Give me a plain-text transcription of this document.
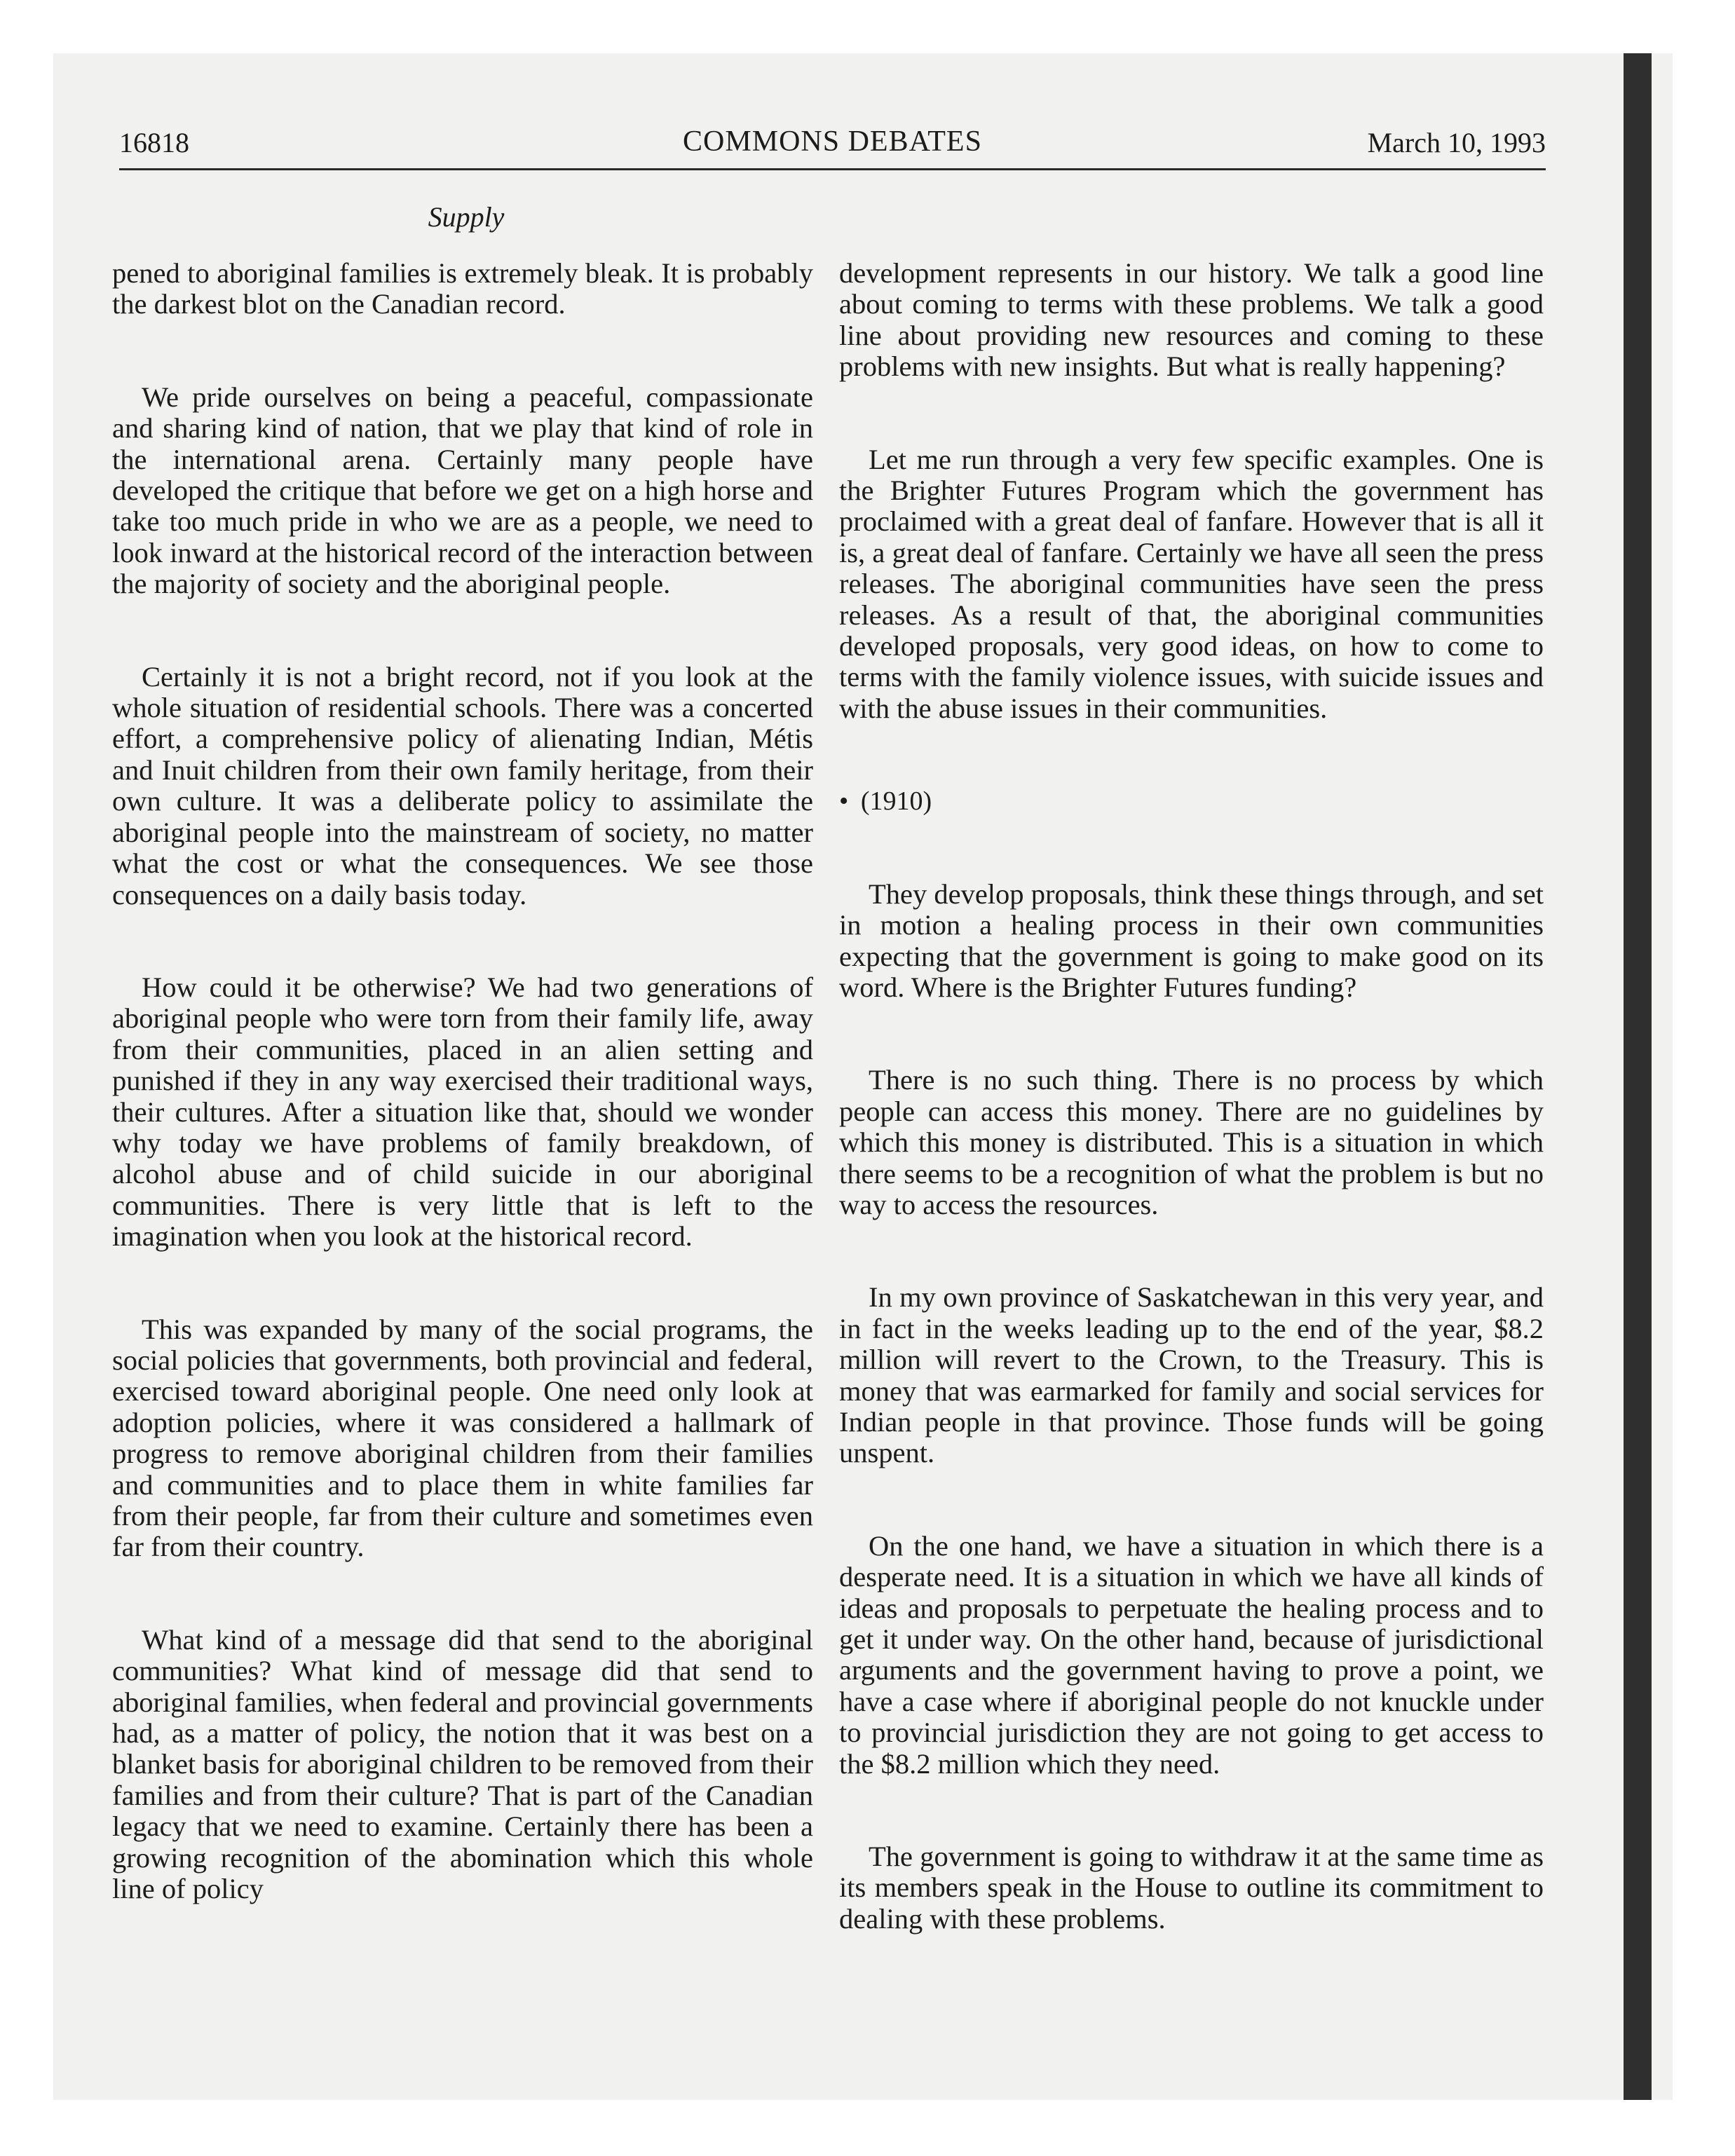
16818	COMMONS DEBATES	March 10, 1993
Supply

pened to aboriginal families is extremely bleak. It is probably the darkest blot on the Canadian record.

We pride ourselves on being a peaceful, compassionate and sharing kind of nation, that we play that kind of role in the international arena. Certainly many people have developed the critique that before we get on a high horse and take too much pride in who we are as a people, we need to look inward at the historical record of the interaction between the majority of society and the aboriginal people.

Certainly it is not a bright record, not if you look at the whole situation of residential schools. There was a concerted effort, a comprehensive policy of alienating Indian, Métis and Inuit children from their own family heritage, from their own culture. It was a deliberate policy to assimilate the aboriginal people into the mainstream of society, no matter what the cost or what the consequences. We see those consequences on a daily basis today.

How could it be otherwise? We had two generations of aboriginal people who were torn from their family life, away from their communities, placed in an alien setting and punished if they in any way exercised their traditional ways, their cultures. After a situation like that, should we wonder why today we have problems of family breakdown, of alcohol abuse and of child suicide in our aboriginal communities. There is very little that is left to the imagination when you look at the historical record.

This was expanded by many of the social programs, the social policies that governments, both provincial and federal, exercised toward aboriginal people. One need only look at adoption policies, where it was considered a hallmark of progress to remove aboriginal children from their families and communities and to place them in white families far from their people, far from their culture and sometimes even far from their country.

What kind of a message did that send to the aboriginal communities? What kind of message did that send to aboriginal families, when federal and provincial governments had, as a matter of policy, the notion that it was best on a blanket basis for aboriginal children to be removed from their families and from their culture? That is part of the Canadian legacy that we need to examine. Certainly there has been a growing recognition of the abomination which this whole line of policy

development represents in our history. We talk a good line about coming to terms with these problems. We talk a good line about providing new resources and coming to these problems with new insights. But what is really happening?

Let me run through a very few specific examples. One is the Brighter Futures Program which the government has proclaimed with a great deal of fanfare. However that is all it is, a great deal of fanfare. Certainly we have all seen the press releases. The aboriginal communities have seen the press releases. As a result of that, the aboriginal communities developed proposals, very good ideas, on how to come to terms with the family violence issues, with suicide issues and with the abuse issues in their communities.

• (1910)

They develop proposals, think these things through, and set in motion a healing process in their own communities expecting that the government is going to make good on its word. Where is the Brighter Futures funding?

There is no such thing. There is no process by which people can access this money. There are no guidelines by which this money is distributed. This is a situation in which there seems to be a recognition of what the problem is but no way to access the resources.

In my own province of Saskatchewan in this very year, and in fact in the weeks leading up to the end of the year, $8.2 million will revert to the Crown, to the Treasury. This is money that was earmarked for family and social services for Indian people in that province. Those funds will be going unspent.

On the one hand, we have a situation in which there is a desperate need. It is a situation in which we have all kinds of ideas and proposals to perpetuate the healing process and to get it under way. On the other hand, because of jurisdictional arguments and the government having to prove a point, we have a case where if aboriginal people do not knuckle under to provincial jurisdiction they are not going to get access to the $8.2 million which they need.

The government is going to withdraw it at the same time as its members speak in the House to outline its commitment to dealing with these problems.
